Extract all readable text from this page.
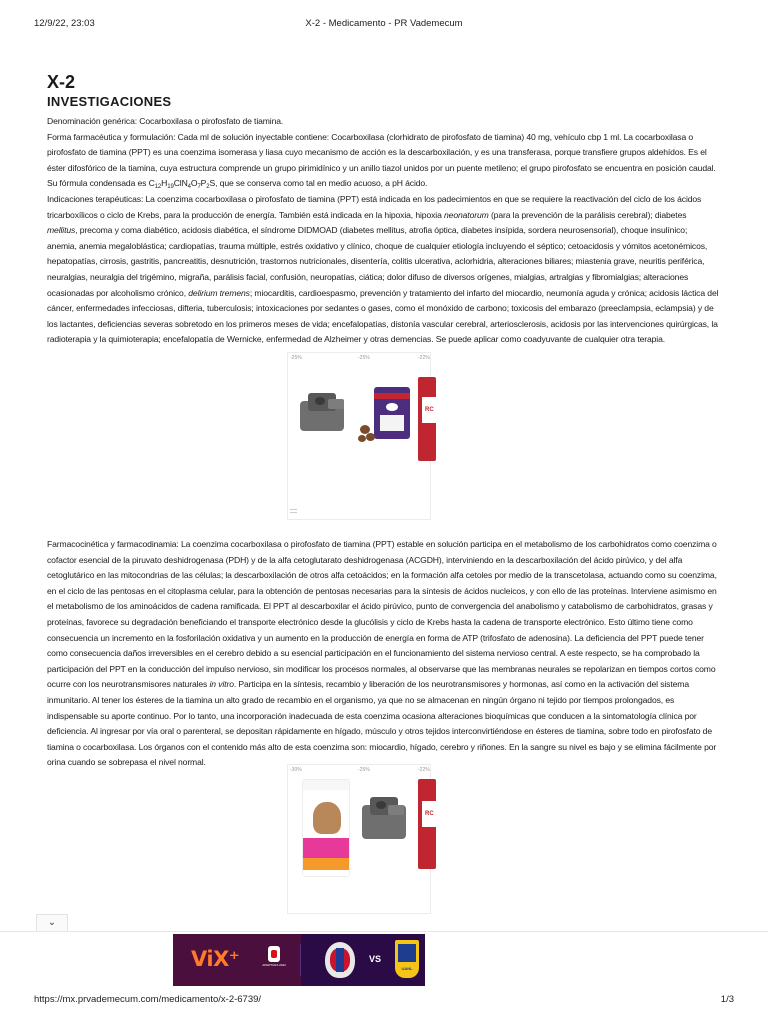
12/9/22, 23:03	X-2 - Medicamento - PR Vademecum
X-2
INVESTIGACIONES

Denominación genérica: Cocarboxilasa o pirofosfato de tiamina.

Forma farmacéutica y formulación: Cada ml de solución inyectable contiene: Cocarboxilasa (clorhidrato de pirofosfato de tiamina) 40 mg, vehículo cbp 1 ml. La cocarboxilasa o pirofosfato de tiamina (PPT) es una coenzima isomerasa y liasa cuyo mecanismo de acción es la descarboxilación, y es una transferasa, porque transfiere grupos aldehídos. Es el éster difosfórico de la tiamina, cuya estructura comprende un grupo pirimidínico y un anillo tiazol unidos por un puente metileno; el grupo pirofosfato se encuentra en posición caudal. Su fórmula condensada es $C_{12}H_{19}ClN_4O_7P_2S$, que se conserva como tal en medio acuoso, a pH ácido.

Indicaciones terapéuticas: La coenzima cocarboxilasa o pirofosfato de tiamina (PPT) está indicada en los padecimientos en que se requiere la reactivación del ciclo de los ácidos tricarboxílicos o ciclo de Krebs, para la producción de energía. También está indicada en la hipoxia, hipoxia neonatorum (para la prevención de la parálisis cerebral); diabetes mellitus, precoma y coma diabético, acidosis diabética, el síndrome DIDMOAD (diabetes mellitus, atrofia óptica, diabetes insípida, sordera neurosensorial), choque insulínico; anemia, anemia megaloblástica; cardiopatías, trauma múltiple, estrés oxidativo y clínico, choque de cualquier etiología incluyendo el séptico; cetoacidosis y vómitos acetonémicos, hepatopatías, cirrosis, gastritis, pancreatitis, desnutrición, trastornos nutricionales, disentería, colitis ulcerativa, aclorhidria, alteraciones biliares; miastenia grave, neuritis periférica, neuralgias, neuralgia del trigémino, migraña, parálisis facial, confusión, neuropatías, ciática; dolor difuso de diversos orígenes, mialgias, artralgias y fibromialgias; alteraciones ocasionadas por alcoholismo crónico, delirium tremens; miocarditis, cardioespasmo, prevención y tratamiento del infarto del miocardio, neumonía aguda y crónica; acidosis láctica del cáncer, enfermedades infecciosas, difteria, tuberculosis; intoxicaciones por sedantes o gases, como el monóxido de carbono; toxicosis del embarazo (preeclampsia, eclampsia) y de los lactantes, deficiencias severas sobretodo en los primeros meses de vida; encefalopatías, distonía vascular cerebral, arteriosclerosis, acidosis por las intervenciones quirúrgicas, la radioterapia y la quimioterapia; encefalopatía de Wernicke, enfermedad de Alzheimer y otras demencias. Se puede aplicar como coadyuvante de cualquier otra terapia.

-25%	-25%	-22%
RC

Farmacocinética y farmacodinamia: La coenzima cocarboxilasa o pirofosfato de tiamina (PPT) estable en solución participa en el metabolismo de los carbohidratos como coenzima o cofactor esencial de la piruvato deshidrogenasa (PDH) y de la alfa cetoglutarato deshidrogenasa (ACGDH), interviniendo en la descarboxilación del ácido pirúvico, y del alfa cetoglutárico en las mitocondrias de las células; la descarboxilación de otros alfa cetoácidos; en la formación alfa cetoles por medio de la transcetolasa, actuando como su coenzima, en el ciclo de las pentosas en el citoplasma celular, para la obtención de pentosas necesarias para la síntesis de ácidos nucleicos, y con ello de las proteínas. Interviene asimismo en el metabolismo de los aminoácidos de cadena ramificada. El PPT al descarboxilar el ácido pirúvico, punto de convergencia del anabolismo y catabolismo de carbohidratos, grasas y proteínas, favorece su degradación beneficiando el transporte electrónico desde la glucólisis y ciclo de Krebs hasta la cadena de transporte electrónico. Esto último tiene como consecuencia un incremento en la fosforilación oxidativa y un aumento en la producción de energía en forma de ATP (trifosfato de adenosina). La deficiencia del PPT puede tener como consecuencia daños irreversibles en el cerebro debido a su esencial participación en el funcionamiento del sistema nervioso central. A este respecto, se ha comprobado la participación del PPT en la conducción del impulso nervioso, sin modificar los procesos normales, al observarse que las membranas neurales se repolarizan en tiempos cortos como ocurre con los neurotransmisores naturales in vitro. Participa en la síntesis, recambio y liberación de los neurotransmisores y hormonas, así como en la activación del sistema inmunitario. Al tener los ésteres de la tiamina un alto grado de recambio en el organismo, ya que no se almacenan en ningún órgano ni tejido por tiempos prolongados, es indispensable su aporte continuo. Por lo tanto, una incorporación inadecuada de esta coenzima ocasiona alteraciones bioquímicas que conducen a la sintomatología clínica por deficiencia. Al ingresar por vía oral o parenteral, se depositan rápidamente en hígado, músculo y otros tejidos interconvirtiéndose en ésteres de tiamina, sobre todo en pirofosfato de tiamina o cocarboxilasa. Los órganos con el contenido más alto de esta coenzima son: miocardio, hígado, cerebro y riñones. En la sangre su nivel es bajo y se elimina fácilmente por orina cuando se sobrepasa el nivel normal.

-30%	-25%	-22%
RC
⌄
ViX⁺	APERTURA 2022
VS
UANL
https://mx.prvademecum.com/medicamento/x-2-6739/	1/3
